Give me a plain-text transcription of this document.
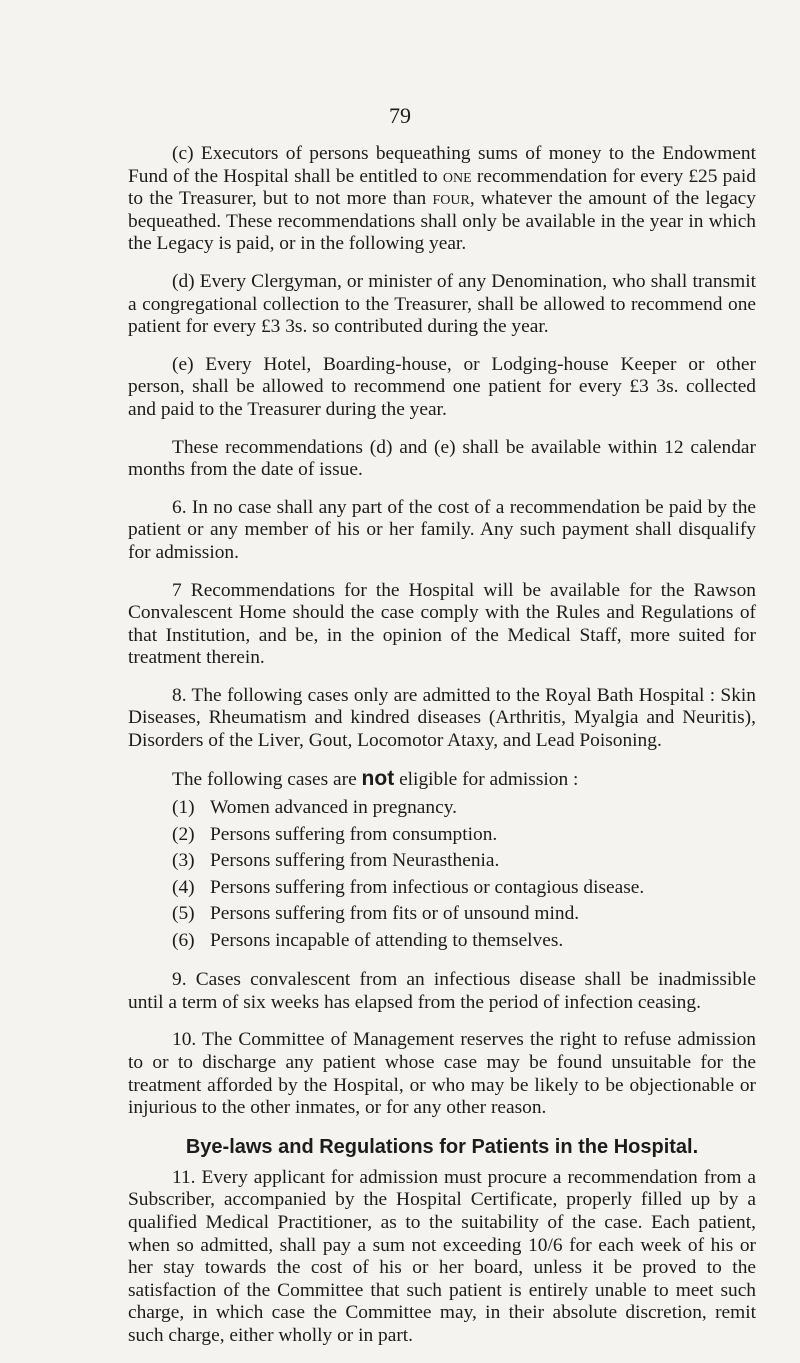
79

(c) Executors of persons bequeathing sums of money to the Endowment Fund of the Hospital shall be entitled to one recommendation for every £25 paid to the Treasurer, but to not more than four, whatever the amount of the legacy bequeathed. These recommendations shall only be available in the year in which the Legacy is paid, or in the following year.

(d) Every Clergyman, or minister of any Denomination, who shall transmit a congregational collection to the Treasurer, shall be allowed to recommend one patient for every £3 3s. so contributed during the year.

(e) Every Hotel, Boarding-house, or Lodging-house Keeper or other person, shall be allowed to recommend one patient for every £3 3s. collected and paid to the Treasurer during the year.

These recommendations (d) and (e) shall be available within 12 calendar months from the date of issue.

6. In no case shall any part of the cost of a recommendation be paid by the patient or any member of his or her family. Any such payment shall disqualify for admission.

7 Recommendations for the Hospital will be available for the Rawson Convalescent Home should the case comply with the Rules and Regulations of that Institution, and be, in the opinion of the Medical Staff, more suited for treatment therein.

8. The following cases only are admitted to the Royal Bath Hospital : Skin Diseases, Rheumatism and kindred diseases (Arthritis, Myalgia and Neuritis), Disorders of the Liver, Gout, Locomotor Ataxy, and Lead Poisoning.

The following cases are not eligible for admission :

(1) Women advanced in pregnancy.
(2) Persons suffering from consumption.
(3) Persons suffering from Neurasthenia.
(4) Persons suffering from infectious or contagious disease.
(5) Persons suffering from fits or of unsound mind.
(6) Persons incapable of attending to themselves.

9. Cases convalescent from an infectious disease shall be inadmissible until a term of six weeks has elapsed from the period of infection ceasing.

10. The Committee of Management reserves the right to refuse admission to or to discharge any patient whose case may be found unsuitable for the treatment afforded by the Hospital, or who may be likely to be objectionable or injurious to the other inmates, or for any other reason.

Bye-laws and Regulations for Patients in the Hospital.

11. Every applicant for admission must procure a recommendation from a Subscriber, accompanied by the Hospital Certificate, properly filled up by a qualified Medical Practitioner, as to the suitability of the case. Each patient, when so admitted, shall pay a sum not exceeding 10/6 for each week of his or her stay towards the cost of his or her board, unless it be proved to the satisfaction of the Committee that such patient is entirely unable to meet such charge, in which case the Committee may, in their absolute discretion, remit such charge, either wholly or in part.
